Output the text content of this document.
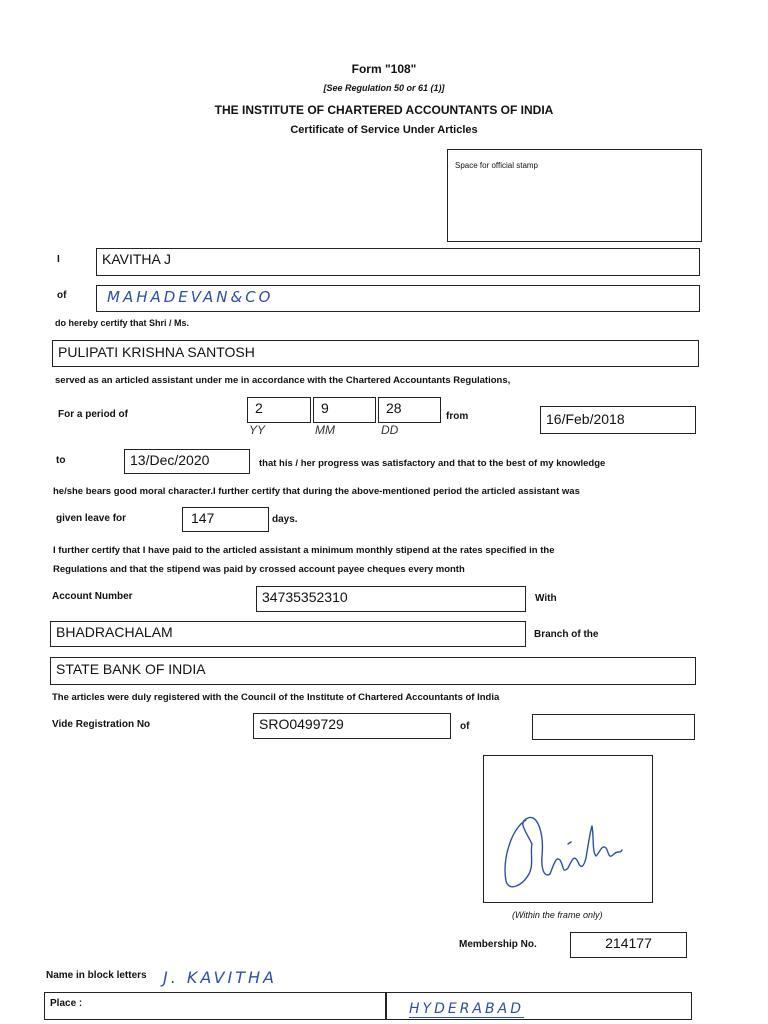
Form "108"
[See Regulation 50 or 61 (1)]
THE INSTITUTE OF CHARTERED ACCOUNTANTS OF INDIA
Certificate of Service Under Articles
Space for official stamp
I	KAVITHA J
of	MAHADEVAN&CO
do hereby certify that Shri / Ms.
PULIPATI KRISHNA SANTOSH
served as an articled assistant under me in accordance with the Chartered Accountants Regulations,
For a period of	2	9	28
YY	MM	DD
from	16/Feb/2018
to	13/Dec/2020	that his / her progress was satisfactory and that to the best of my knowledge
he/she bears good moral character.I further certify that during the above-mentioned period the articled assistant was
given leave for	147	days.
I further certify that I have paid to the articled assistant a minimum monthly stipend at the rates specified in the
Regulations and that the stipend was paid by crossed account payee cheques every month
Account Number	34735352310	With
BHADRACHALAM	Branch of the
STATE BANK OF INDIA
The articles were duly registered with the Council of the Institute of Chartered Accountants of India
Vide Registration No	SRO0499729	of
(Within the frame only)
Membership No.	214177
Name in block letters J. KAVITHA
Place :	HYDERABAD
